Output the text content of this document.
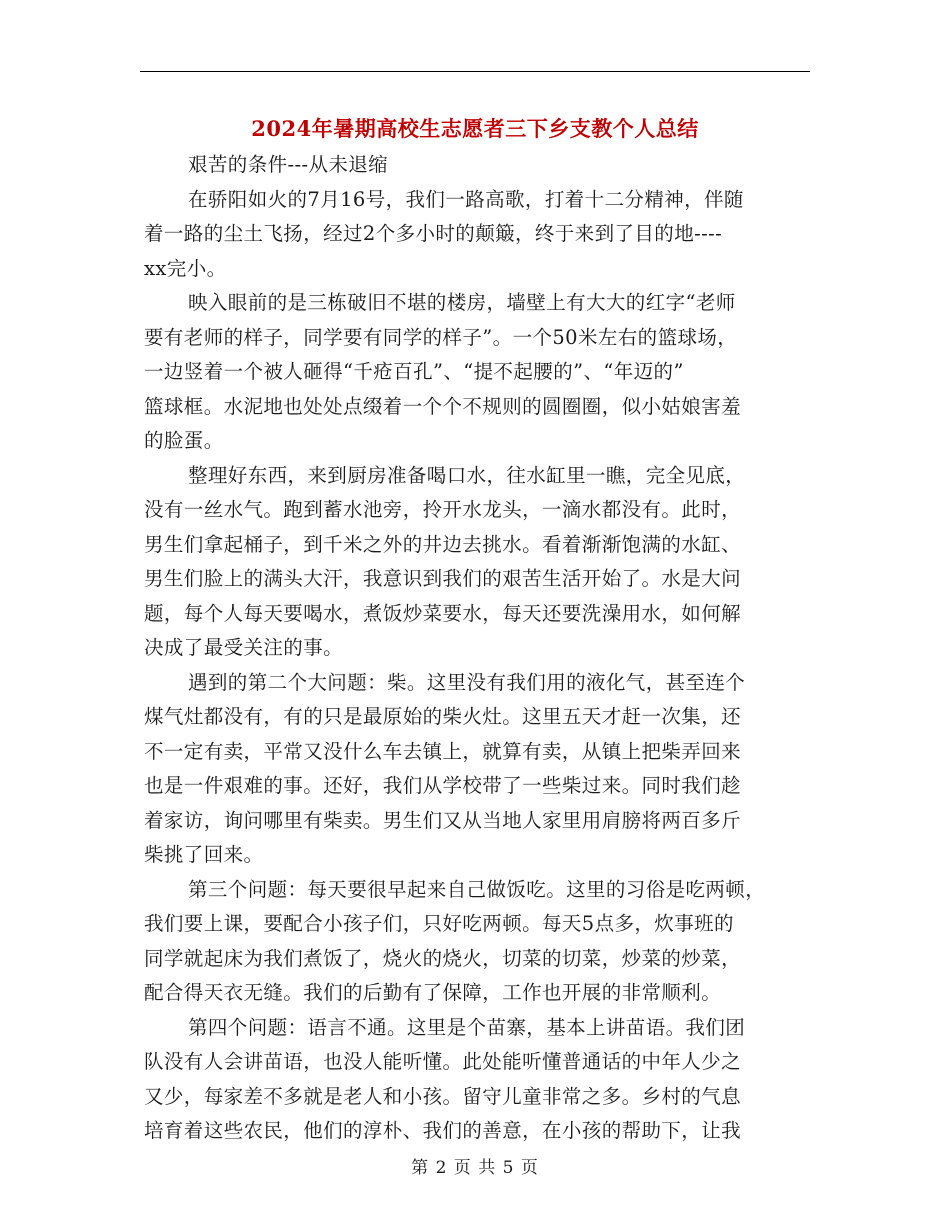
2024年暑期高校生志愿者三下乡支教个人总结
艰苦的条件---从未退缩
在骄阳如火的7月16号，我们一路高歌，打着十二分精神，伴随
着一路的尘土飞扬，经过2个多小时的颠簸，终于来到了目的地----
xx完小。
映入眼前的是三栋破旧不堪的楼房，墙壁上有大大的红字“老师
要有老师的样子，同学要有同学的样子”。一个50米左右的篮球场，
一边竖着一个被人砸得“千疮百孔”、“提不起腰的”、“年迈的”
篮球框。水泥地也处处点缀着一个个不规则的圆圈圈，似小姑娘害羞
的脸蛋。
整理好东西，来到厨房准备喝口水，往水缸里一瞧，完全见底，
没有一丝水气。跑到蓄水池旁，拎开水龙头，一滴水都没有。此时，
男生们拿起桶子，到千米之外的井边去挑水。看着渐渐饱满的水缸、
男生们脸上的满头大汗，我意识到我们的艰苦生活开始了。水是大问
题，每个人每天要喝水，煮饭炒菜要水，每天还要洗澡用水，如何解
决成了最受关注的事。
遇到的第二个大问题：柴。这里没有我们用的液化气，甚至连个
煤气灶都没有，有的只是最原始的柴火灶。这里五天才赶一次集，还
不一定有卖，平常又没什么车去镇上，就算有卖，从镇上把柴弄回来
也是一件艰难的事。还好，我们从学校带了一些柴过来。同时我们趁
着家访，询问哪里有柴卖。男生们又从当地人家里用肩膀将两百多斤
柴挑了回来。
第三个问题：每天要很早起来自己做饭吃。这里的习俗是吃两顿，
我们要上课，要配合小孩子们，只好吃两顿。每天5点多，炊事班的
同学就起床为我们煮饭了，烧火的烧火，切菜的切菜，炒菜的炒菜，
配合得天衣无缝。我们的后勤有了保障，工作也开展的非常顺利。
第四个问题：语言不通。这里是个苗寨，基本上讲苗语。我们团
队没有人会讲苗语，也没人能听懂。此处能听懂普通话的中年人少之
又少，每家差不多就是老人和小孩。留守儿童非常之多。乡村的气息
培育着这些农民，他们的淳朴、我们的善意，在小孩的帮助下，让我
第 2 页 共 5 页
